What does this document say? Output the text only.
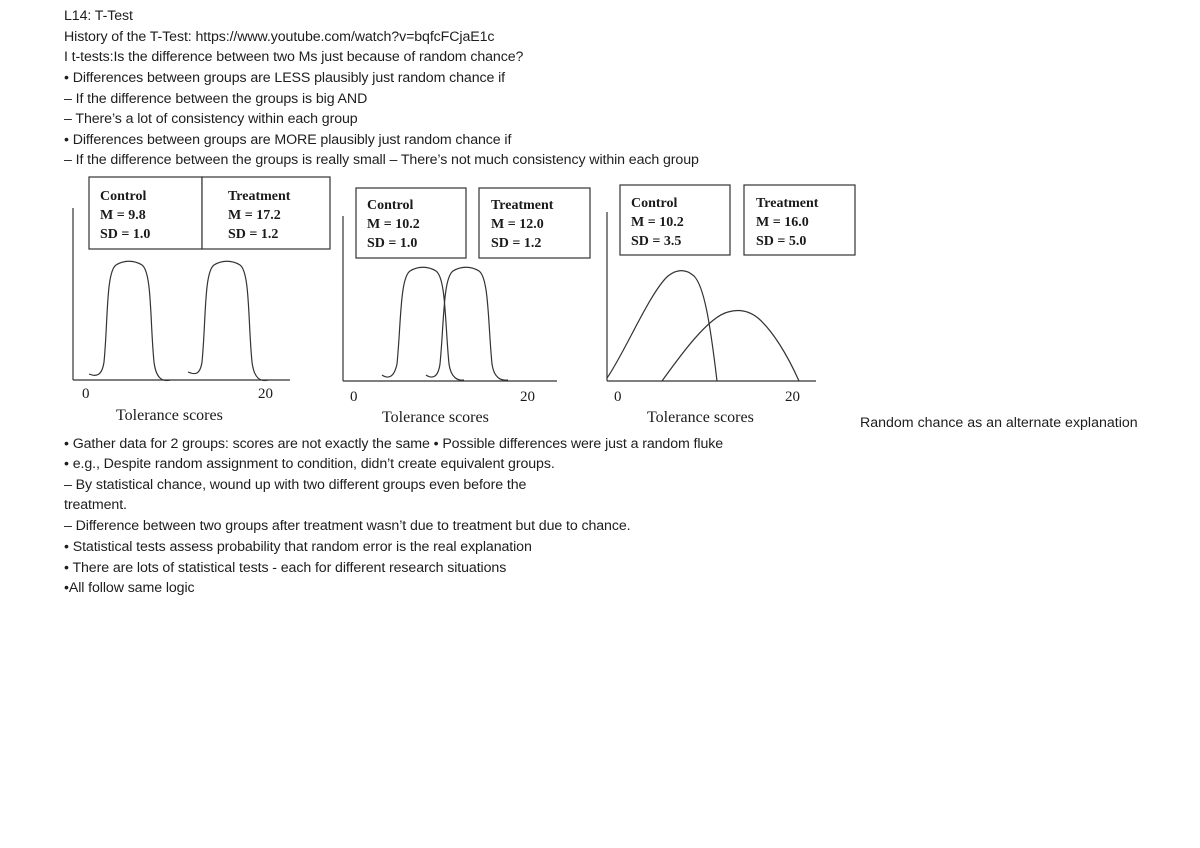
L14: T-Test
History of the T-Test: https://www.youtube.com/watch?v=bqfcFCjaE1c
I t-tests:Is the difference between two Ms just because of random chance?
• Differences between groups are LESS plausibly just random chance if
– If the difference between the groups is big AND
– There’s a lot of consistency within each group
• Differences between groups are MORE plausibly just random chance if
– If the difference between the groups is really small – There’s not much consistency within each group
Control
M = 9.8
SD = 1.0
Treatment
M = 17.2
SD = 1.2
0	20
Tolerance scores
Control
M = 10.2
SD = 1.0
Treatment
M = 12.0
SD = 1.2
0	20
Tolerance scores
Control
M = 10.2
SD = 3.5
Treatment
M = 16.0
SD = 5.0
0	20
Tolerance scores	Random chance as an alternate explanation
• Gather data for 2 groups: scores are not exactly the same • Possible differences were just a random fluke
• e.g., Despite random assignment to condition, didn’t create equivalent groups.
– By statistical chance, wound up with two different groups even before the
treatment.
– Difference between two groups after treatment wasn’t due to treatment but due to chance.
• Statistical tests assess probability that random error is the real explanation
• There are lots of statistical tests - each for different research situations
•All follow same logic
